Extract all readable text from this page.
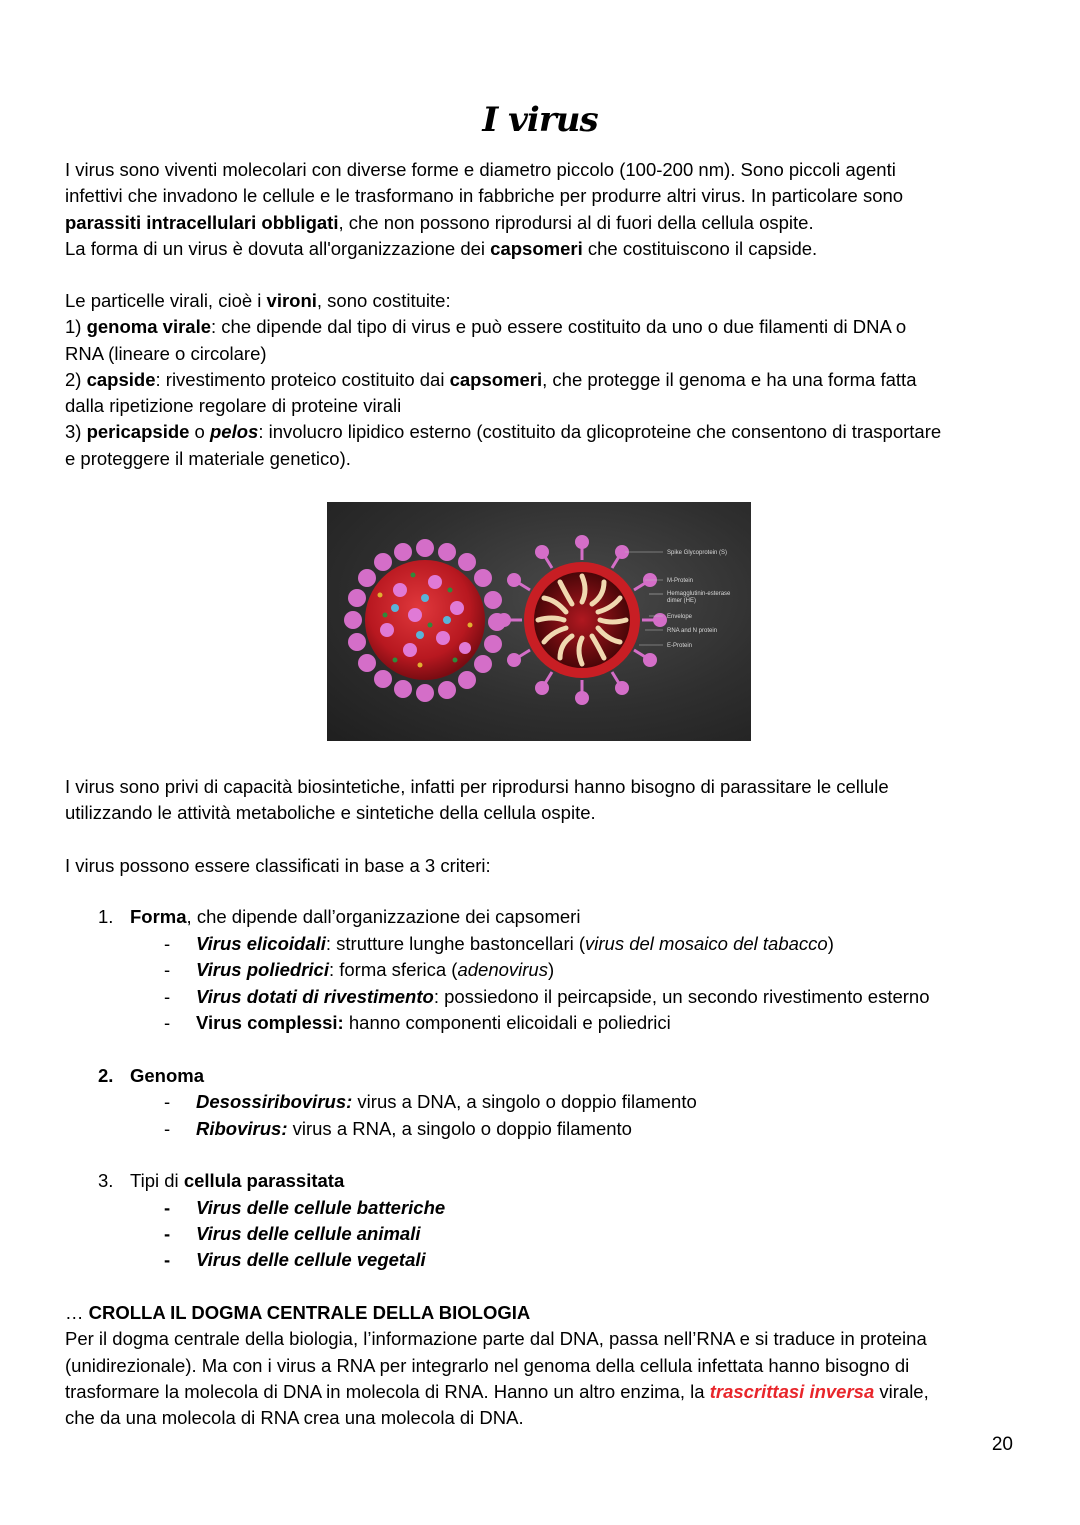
I virus
I virus sono viventi molecolari con diverse forme e diametro piccolo (100-200 nm). Sono piccoli agenti
infettivi che invadono le cellule e le trasformano in fabbriche per produrre altri virus. In particolare sono
parassiti intracellulari obbligati, che non possono riprodursi al di fuori della cellula ospite.
La forma di un virus è dovuta all'organizzazione dei capsomeri che costituiscono il capside.
Le particelle virali, cioè i vironi, sono costituite:
1) genoma virale: che dipende dal tipo di virus e può essere costituito da uno o due filamenti di DNA o
RNA (lineare o circolare)
2) capside: rivestimento proteico costituito dai capsomeri, che protegge il genoma e ha una forma fatta
dalla ripetizione regolare di proteine virali
3) pericapside o pelos: involucro lipidico esterno (costituito da glicoproteine che consentono di trasportare
e proteggere il materiale genetico).
Spike Glycoprotein (S)
M-Protein
Hemagglutinin-esterase
dimer (HE)
Envelope
RNA and N protein
E-Protein
I virus sono privi di capacità biosintetiche, infatti per riprodursi hanno bisogno di parassitare le cellule
utilizzando le attività metaboliche e sintetiche della cellula ospite.
I virus possono essere classificati in base a 3 criteri:
1. Forma, che dipende dall’organizzazione dei capsomeri
- Virus elicoidali: strutture lunghe bastoncellari (virus del mosaico del tabacco)
- Virus poliedrici: forma sferica (adenovirus)
- Virus dotati di rivestimento: possiedono il peircapside, un secondo rivestimento esterno
- Virus complessi: hanno componenti elicoidali e poliedrici
2. Genoma
- Desossiribovirus: virus a DNA, a singolo o doppio filamento
- Ribovirus: virus a RNA, a singolo o doppio filamento
3. Tipi di cellula parassitata
- Virus delle cellule batteriche
- Virus delle cellule animali
- Virus delle cellule vegetali
… CROLLA IL DOGMA CENTRALE DELLA BIOLOGIA
Per il dogma centrale della biologia, l’informazione parte dal DNA, passa nell’RNA e si traduce in proteina
(unidirezionale). Ma con i virus a RNA per integrarlo nel genoma della cellula infettata hanno bisogno di
trasformare la molecola di DNA in molecola di RNA. Hanno un altro enzima, la trascrittasi inversa virale,
che da una molecola di RNA crea una molecola di DNA.
20
